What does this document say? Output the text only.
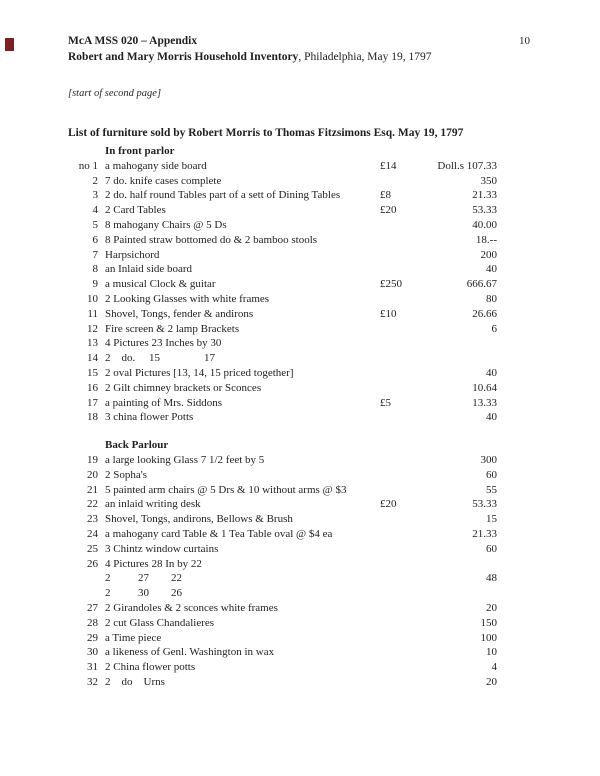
McA MSS 020 – Appendix	10
Robert and Mary Morris Household Inventory, Philadelphia, May 19, 1797
[start of second page]
List of furniture sold by Robert Morris to Thomas Fitzsimons Esq. May 19, 1797
In front parlor
no 1 a mahogany side board	£14	Doll.s 107.33
2 7 do. knife cases complete	350
3 2 do. half round Tables part of a sett of Dining Tables	£8	21.33
4 2 Card Tables	£20	53.33
5 8 mahogany Chairs @ 5 Ds	40.00
6 8 Painted straw bottomed do & 2 bamboo stools	18.--
7 Harpsichord	200
8 an Inlaid side board	40
9 a musical Clock & guitar	£250	666.67
10 2 Looking Glasses with white frames	80
11 Shovel, Tongs, fender & andirons	£10	26.66
12 Fire screen & 2 lamp Brackets	6
13 4 Pictures 23 Inches by 30
14 2    do.     15                17
15 2 oval Pictures [13, 14, 15 priced together]	40
16 2 Gilt chimney brackets or Sconces	10.64
17 a painting of Mrs. Siddons	£5	13.33
18 3 china flower Potts	40
Back Parlour
19 a large looking Glass 7 1/2 feet by 5	300
20 2 Sopha's	60
21 5 painted arm chairs @ 5 Drs & 10 without arms @ $3	55
22 an inlaid writing desk	£20	53.33
23 Shovel, Tongs, andirons, Bellows & Brush	15
24 a mahogany card Table & 1 Tea Table oval @ $4 ea	21.33
25 3 Chintz window curtains	60
26 4 Pictures 28 In by 22
2          27        22	48
2          30        26
27 2 Girandoles & 2 sconces white frames	20
28 2 cut Glass Chandalieres	150
29 a Time piece	100
30 a likeness of Genl. Washington in wax	10
31 2 China flower potts	4
32 2    do    Urns	20
